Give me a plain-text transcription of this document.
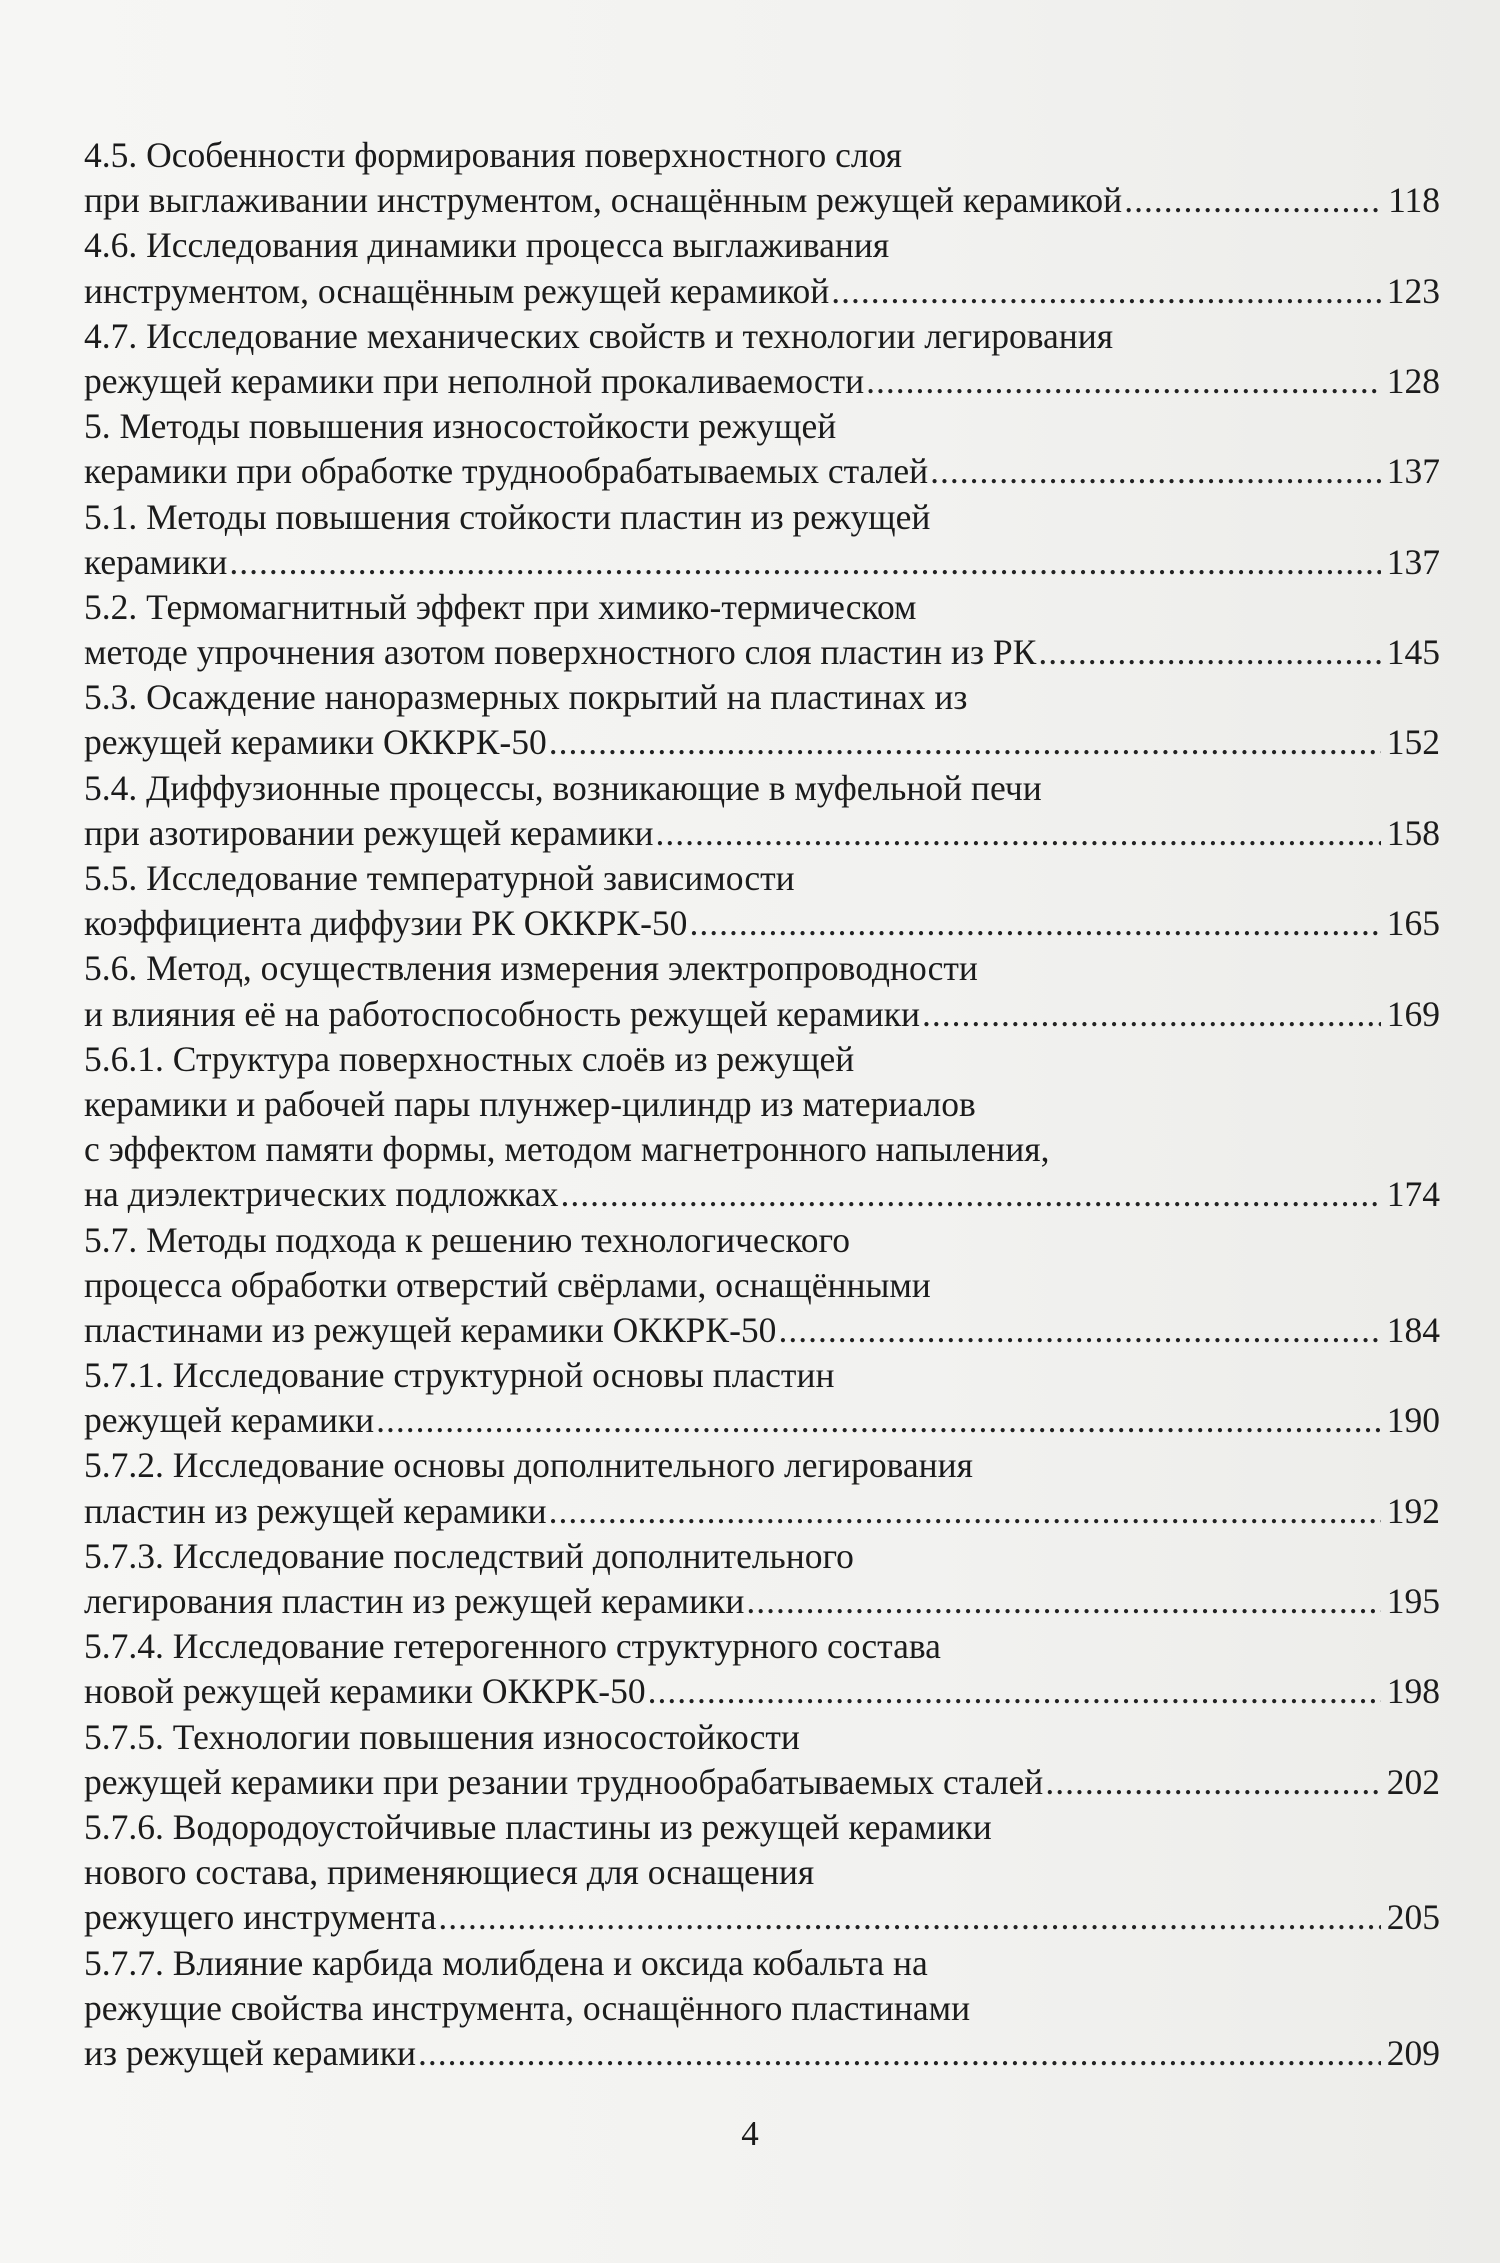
4.5. Особенности формирования поверхностного слоя
при выглаживании инструментом, оснащённым режущей керамикой .....	118
4.6. Исследования динамики процесса выглаживания
инструментом, оснащённым режущей керамикой .....	123
4.7. Исследование механических свойств и технологии легирования
режущей керамики при неполной прокаливаемости .....	128
5. Методы повышения износостойкости режущей
керамики при обработке труднообрабатываемых сталей .....	137
5.1. Методы повышения стойкости пластин из режущей
керамики .....	137
5.2. Термомагнитный эффект при химико-термическом
методе упрочнения азотом поверхностного слоя пластин из РК .....	145
5.3. Осаждение наноразмерных покрытий на пластинах из
режущей керамики ОККРК-50 .....	152
5.4. Диффузионные процессы, возникающие в муфельной печи
при азотировании режущей керамики .....	158
5.5. Исследование температурной зависимости
коэффициента диффузии РК ОККРК-50 .....	165
5.6. Метод, осуществления измерения электропроводности
и влияния её на работоспособность режущей керамики .....	169
5.6.1. Структура поверхностных слоёв из режущей
керамики и рабочей пары плунжер-цилиндр из материалов
с эффектом памяти формы, методом магнетронного напыления,
на диэлектрических подложках .....	174
5.7. Методы подхода к решению технологического
процесса обработки отверстий свёрлами, оснащёнными
пластинами из режущей керамики ОККРК-50 .....	184
5.7.1. Исследование структурной основы пластин
режущей керамики .....	190
5.7.2. Исследование основы дополнительного легирования
пластин из режущей керамики .....	192
5.7.3. Исследование последствий дополнительного
легирования пластин из режущей керамики .....	195
5.7.4. Исследование гетерогенного структурного состава
новой режущей керамики ОККРК-50 .....	198
5.7.5. Технологии повышения износостойкости
режущей керамики при резании труднообрабатываемых сталей .....	202
5.7.6. Водородоустойчивые пластины из режущей керамики
нового состава, применяющиеся для оснащения
режущего инструмента .....	205
5.7.7. Влияние карбида молибдена и оксида кобальта на
режущие свойства инструмента, оснащённого пластинами
из режущей керамики .....	209
4
